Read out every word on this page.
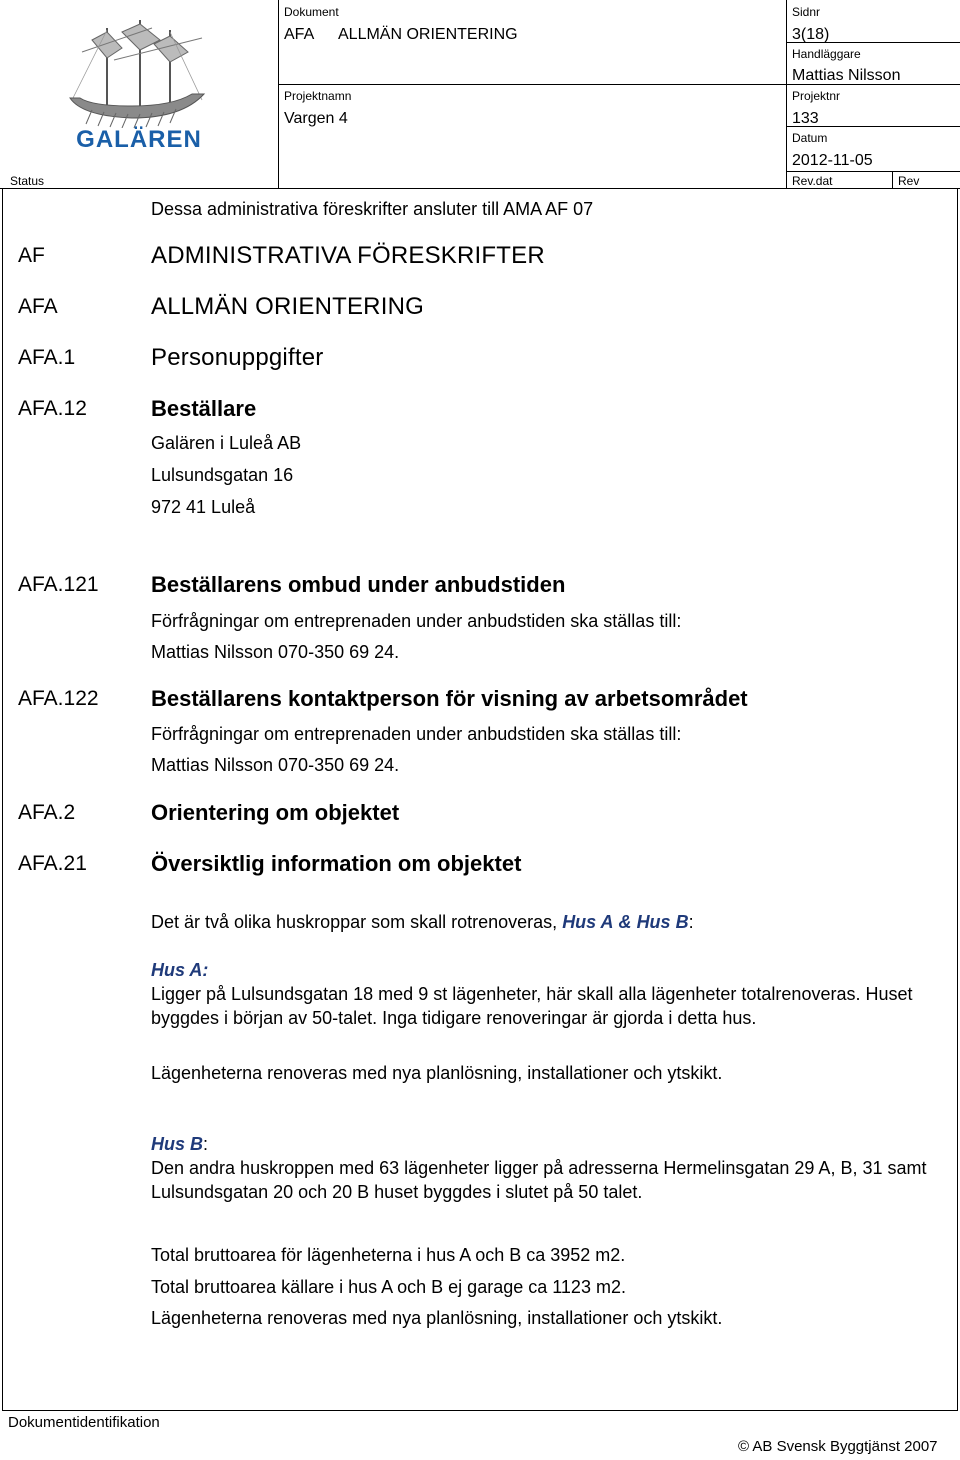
GALÄREN
Dokument
AFA ALLMÄN ORIENTERING
Sidnr
3(18)
Handläggare
Mattias Nilsson
Projektnamn
Vargen 4
Projektnr
133
Datum
2012-11-05
Status	Rev.dat	Rev
Dessa administrativa föreskrifter ansluter till AMA AF 07
AF	ADMINISTRATIVA FÖRESKRIFTER
AFA	ALLMÄN ORIENTERING
AFA.1	Personuppgifter
AFA.12	Beställare
Galären i Luleå AB
Lulsundsgatan 16
972 41 Luleå
AFA.121 Beställarens ombud under anbudstiden
Förfrågningar om entreprenaden under anbudstiden ska ställas till:
Mattias Nilsson 070-350 69 24.
AFA.122 Beställarens kontaktperson för visning av arbetsområdet
Förfrågningar om entreprenaden under anbudstiden ska ställas till:
Mattias Nilsson 070-350 69 24.
AFA.2	Orientering om objektet
AFA.21	Översiktlig information om objektet
Det är två olika huskroppar som skall rotrenoveras, Hus A & Hus B:
Hus A:
Ligger på Lulsundsgatan 18 med 9 st lägenheter, här skall alla lägenheter totalrenoveras. Huset byggdes i början av 50-talet. Inga tidigare renoveringar är gjorda i detta hus.
Lägenheterna renoveras med nya planlösning, installationer och ytskikt.
Hus B:
Den andra huskroppen med 63 lägenheter ligger på adresserna Hermelinsgatan 29 A, B, 31 samt Lulsundsgatan 20 och 20 B huset byggdes i slutet på 50 talet.
Total bruttoarea för lägenheterna i hus A och B ca 3952 m2.
Total bruttoarea källare i hus A och B ej garage ca 1123 m2.
Lägenheterna renoveras med nya planlösning, installationer och ytskikt.
Dokumentidentifikation
© AB Svensk Byggtjänst 2007
